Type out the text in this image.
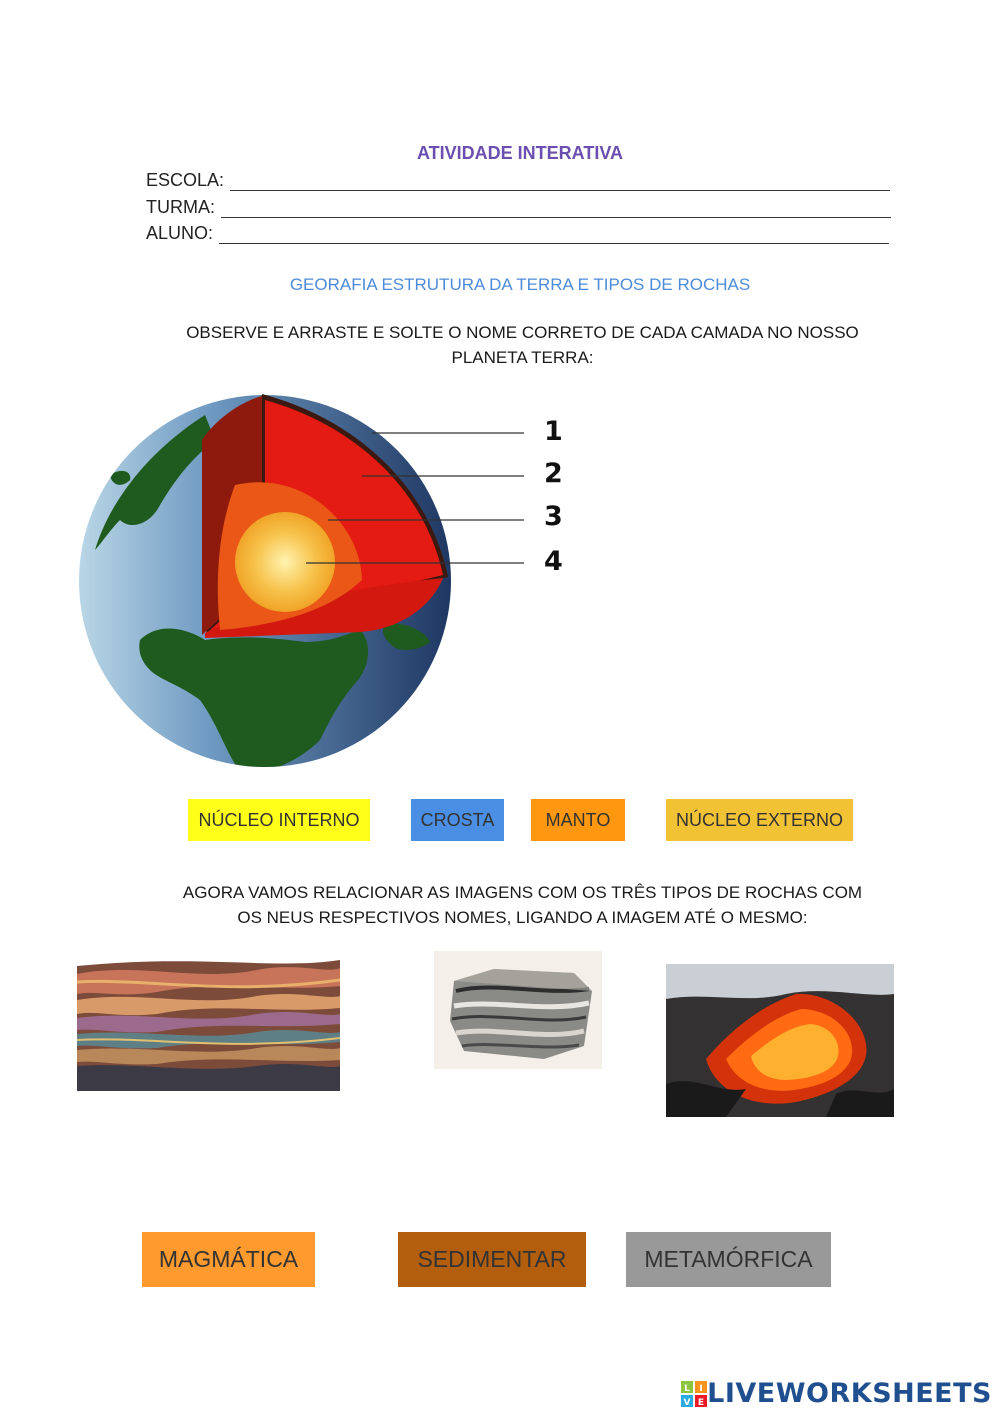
ATIVIDADE INTERATIVA
ESCOLA:
TURMA:
ALUNO:
GEORAFIA ESTRUTURA DA TERRA E TIPOS DE ROCHAS
OBSERVE E ARRASTE E SOLTE O NOME CORRETO DE CADA CAMADA NO NOSSO
PLANETA TERRA:
1
2
3
4
NÚCLEO INTERNO	CROSTA	MANTO	NÚCLEO EXTERNO
AGORA VAMOS RELACIONAR AS IMAGENS COM OS TRÊS TIPOS DE ROCHAS COM
OS NEUS RESPECTIVOS NOMES, LIGANDO A IMAGEM ATÉ O MESMO:
MAGMÁTICA	SEDIMENTAR	METAMÓRFICA
L I
V E LIVEWORKSHEETS
